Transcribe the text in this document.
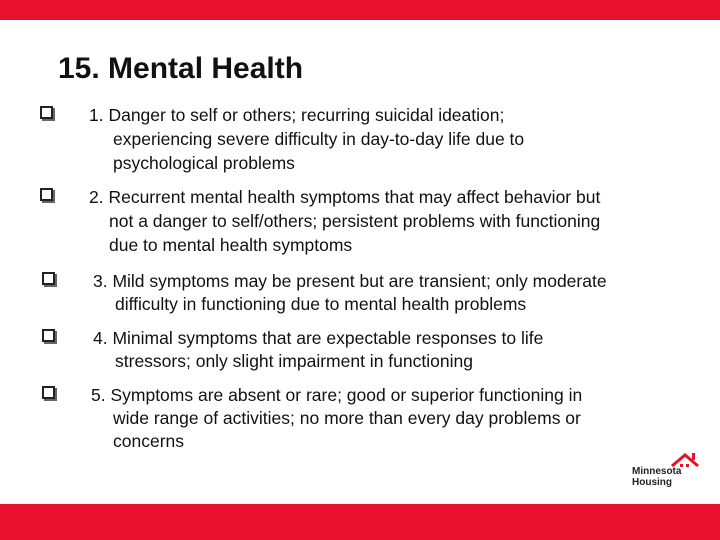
15. Mental Health
1. Danger to self or others; recurring suicidal ideation;
experiencing severe difficulty in day-to-day life due to
psychological problems
2. Recurrent mental health symptoms that may affect behavior but
not a danger to self/others; persistent problems with functioning
due to mental health symptoms
3. Mild symptoms may be present but are transient; only moderate
difficulty in functioning due to mental health problems
4. Minimal symptoms that are expectable responses to life
stressors; only slight impairment in functioning
5. Symptoms are absent or rare; good or superior functioning in
wide range of activities; no more than every day problems or
concerns
Minnesota
Housing
